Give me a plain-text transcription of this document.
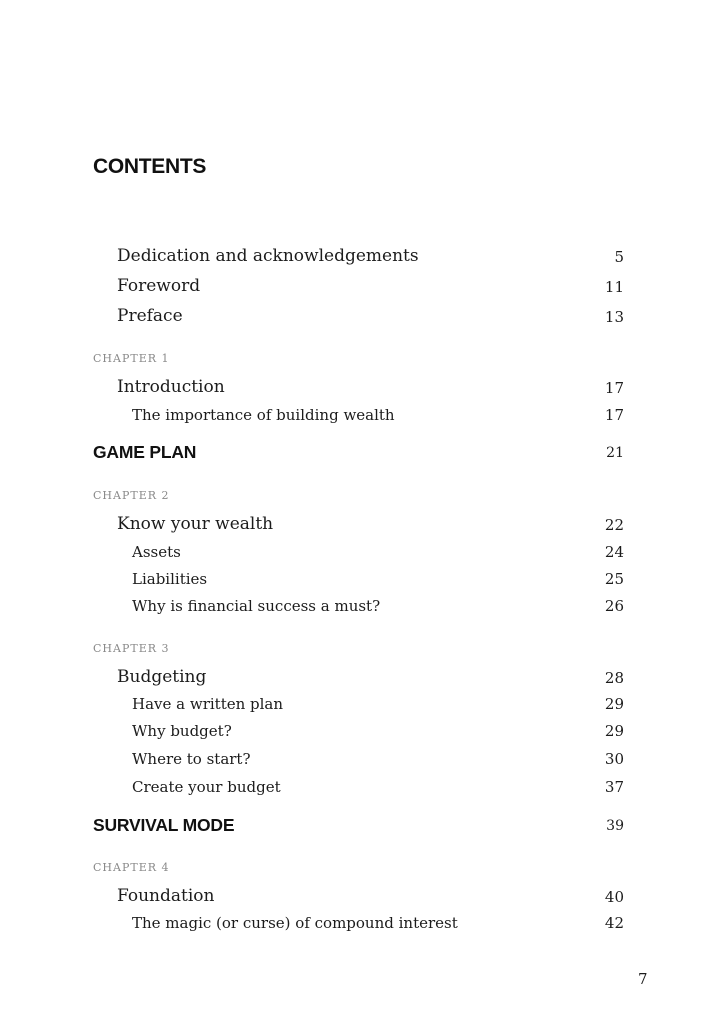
CONTENTS
Dedication and acknowledgements	5
Foreword	11
Preface	13
CHAPTER 1
Introduction	17
The importance of building wealth	17
GAME PLAN	21
CHAPTER 2
Know your wealth	22
Assets	24
Liabilities	25
Why is financial success a must?	26
CHAPTER 3
Budgeting	28
Have a written plan	29
Why budget?	29
Where to start?	30
Create your budget	37
SURVIVAL MODE	39
CHAPTER 4
Foundation	40
The magic (or curse) of compound interest	42
7
